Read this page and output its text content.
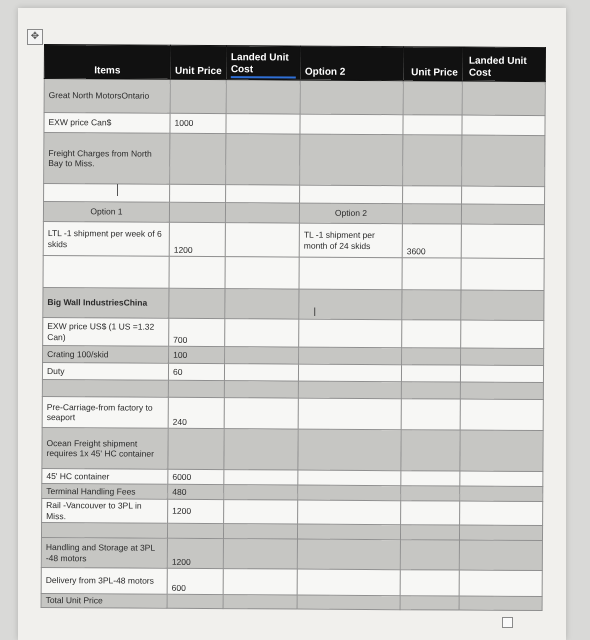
✥
Items	Unit Price	Landed Unit Cost	Option 2	Unit Price	Landed Unit Cost
Great North MotorsOntario					
EXW price Can$	1000				
Freight Charges from North Bay to Miss.					

Option 1			Option 2		
LTL -1 shipment per week of 6 skids	1200		TL -1 shipment per month of 24 skids	3600	

Big Wall IndustriesChina					
EXW price US$ (1 US =1.32 Can)	700				
Crating 100/skid	100				
Duty	60				

Pre-Carriage-from factory to seaport	240				
Ocean Freight shipment requires 1x 45' HC container					
45' HC container	6000				
Terminal Handling Fees	480				
Rail -Vancouver to 3PL in Miss.	1200				

Handling and Storage at 3PL -48 motors	1200				
Delivery from 3PL-48 motors	600				
Total Unit Price					
I
